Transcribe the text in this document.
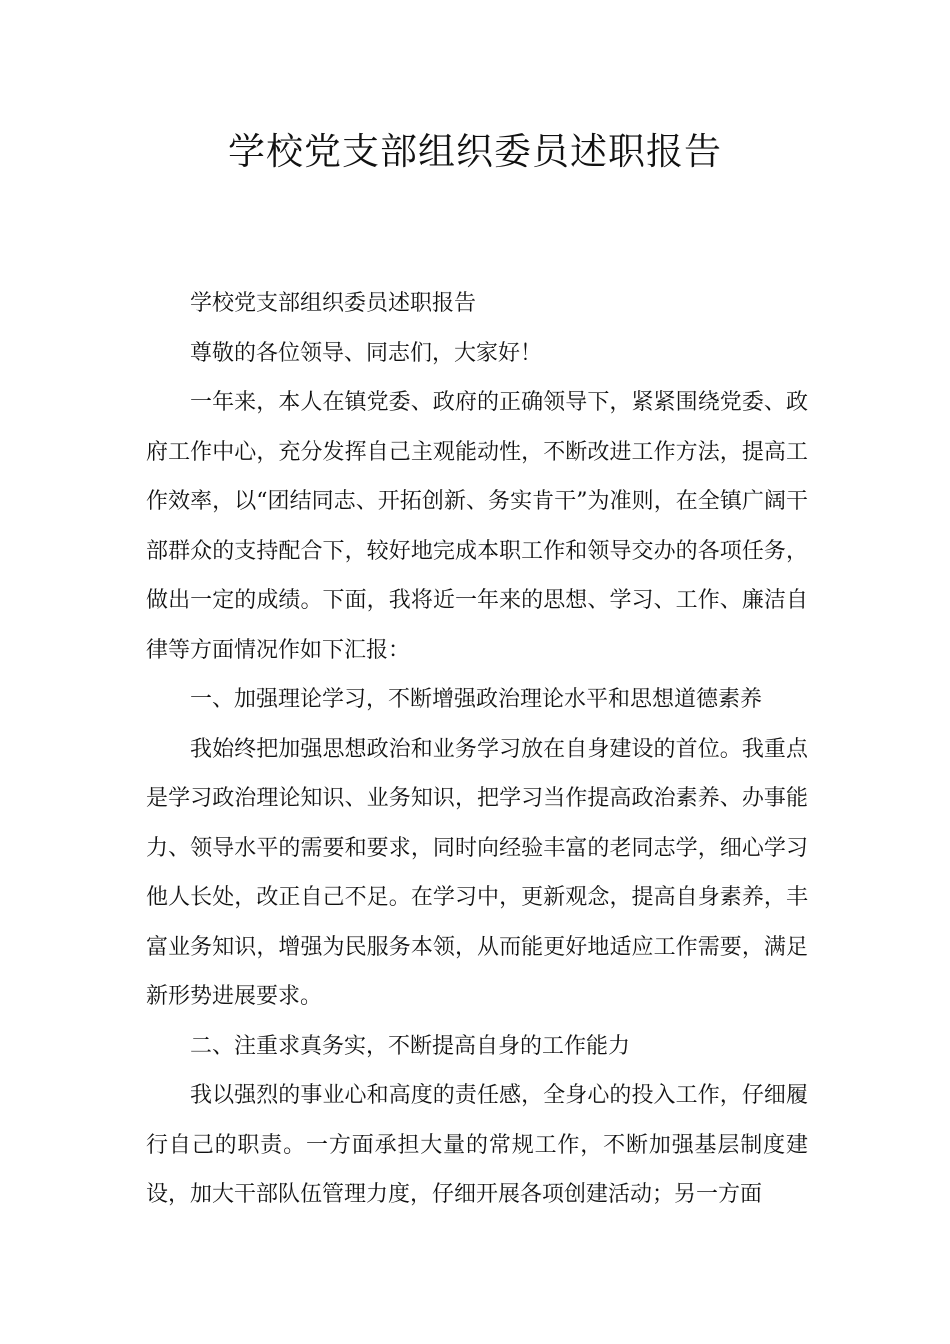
学校党支部组织委员述职报告

学校党支部组织委员述职报告

尊敬的各位领导、同志们，大家好！

一年来，本人在镇党委、政府的正确领导下，紧紧围绕党委、政府工作中心，充分发挥自己主观能动性，不断改进工作方法，提高工作效率，以“团结同志、开拓创新、务实肯干”为准则，在全镇广阔干部群众的支持配合下，较好地完成本职工作和领导交办的各项任务，做出一定的成绩。下面，我将近一年来的思想、学习、工作、廉洁自律等方面情况作如下汇报：

一、加强理论学习，不断增强政治理论水平和思想道德素养

我始终把加强思想政治和业务学习放在自身建设的首位。我重点是学习政治理论知识、业务知识，把学习当作提高政治素养、办事能力、领导水平的需要和要求，同时向经验丰富的老同志学，细心学习他人长处，改正自己不足。在学习中，更新观念，提高自身素养，丰富业务知识，增强为民服务本领，从而能更好地适应工作需要，满足新形势进展要求。

二、注重求真务实，不断提高自身的工作能力

我以强烈的事业心和高度的责任感，全身心的投入工作，仔细履行自己的职责。一方面承担大量的常规工作，不断加强基层制度建设，加大干部队伍管理力度，仔细开展各项创建活动；另一方面
